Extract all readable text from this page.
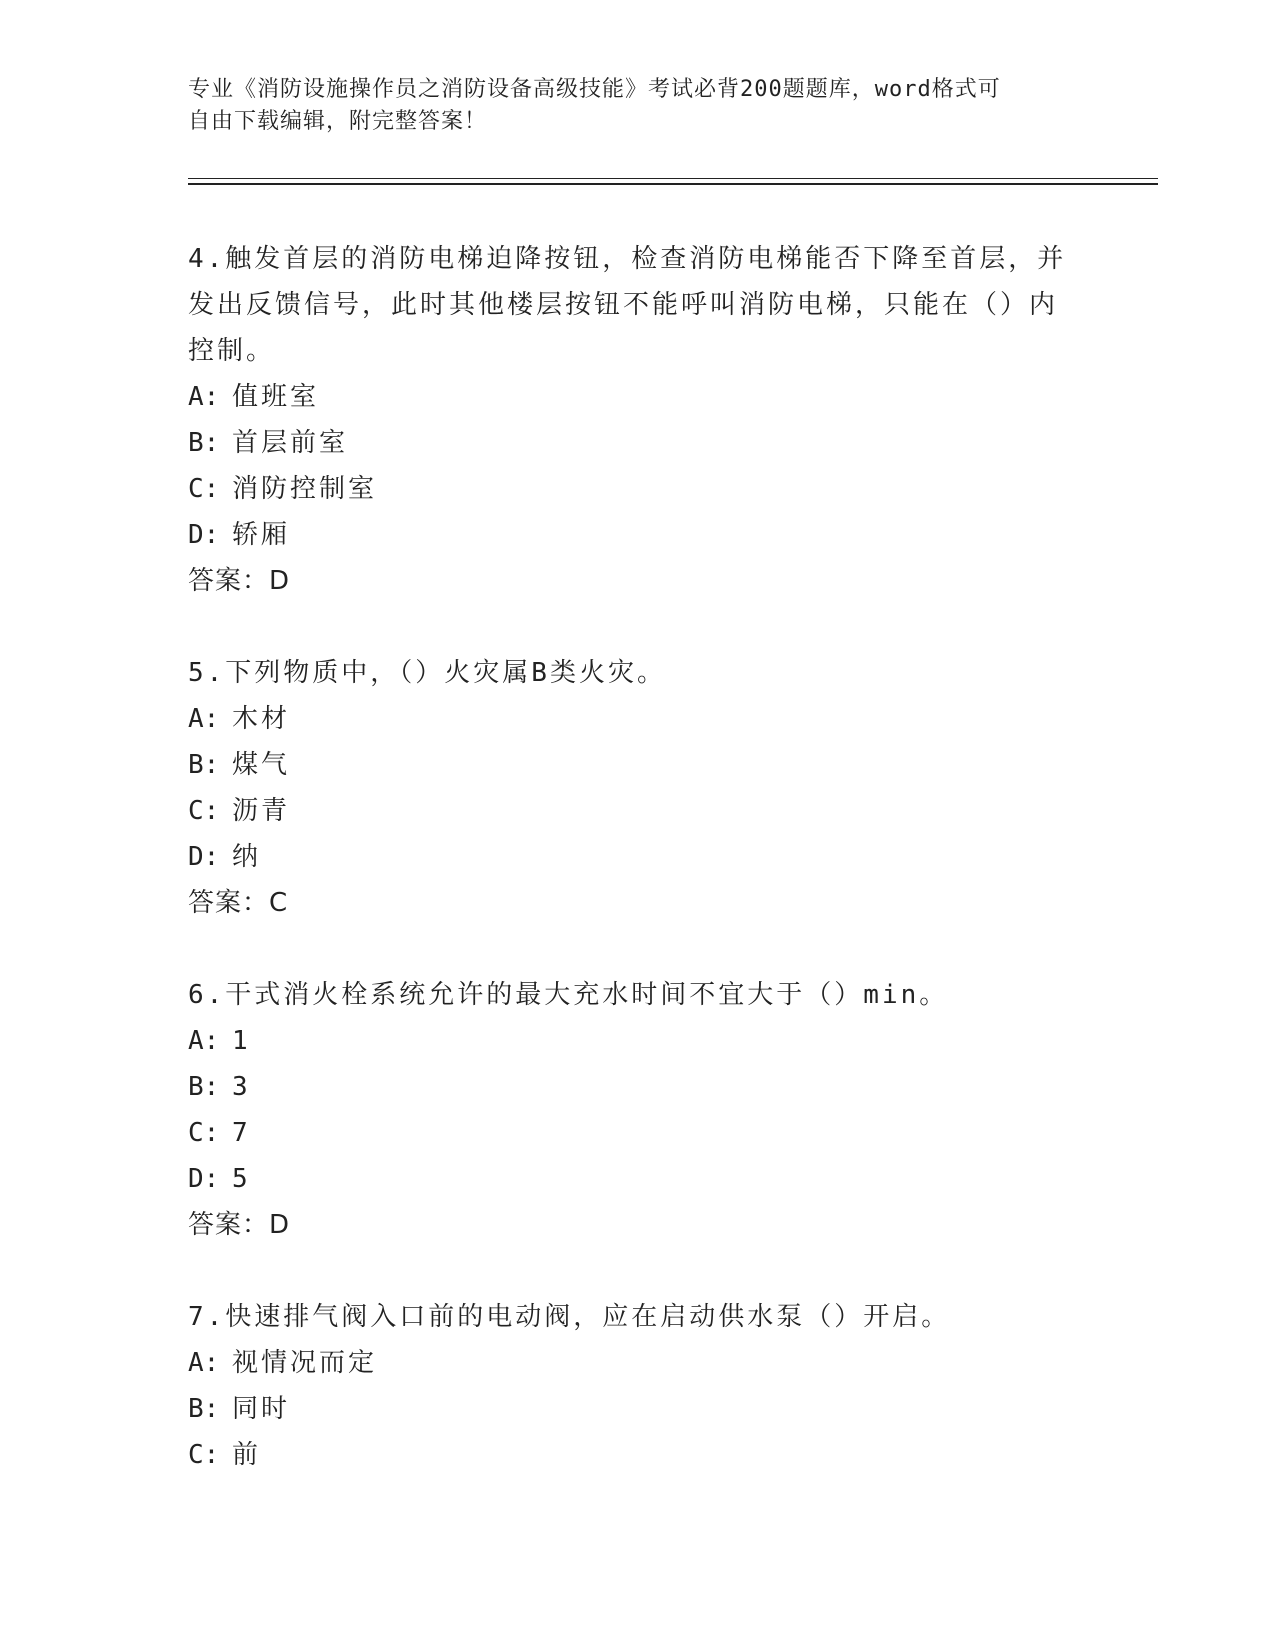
专业《消防设施操作员之消防设备高级技能》考试必背200题题库，word格式可
自由下载编辑，附完整答案！

4.触发首层的消防电梯迫降按钮，检查消防电梯能否下降至首层，并发出反馈信号，此时其他楼层按钮不能呼叫消防电梯，只能在（）内控制。

A: 值班室

B: 首层前室

C: 消防控制室

D: 轿厢

答案：D

5.下列物质中，（）火灾属B类火灾。

A: 木材

B: 煤气

C: 沥青

D: 纳

答案：C

6.干式消火栓系统允许的最大充水时间不宜大于（）min。

A: 1

B: 3

C: 7

D: 5

答案：D

7.快速排气阀入口前的电动阀，应在启动供水泵（）开启。

A: 视情况而定

B: 同时

C: 前
